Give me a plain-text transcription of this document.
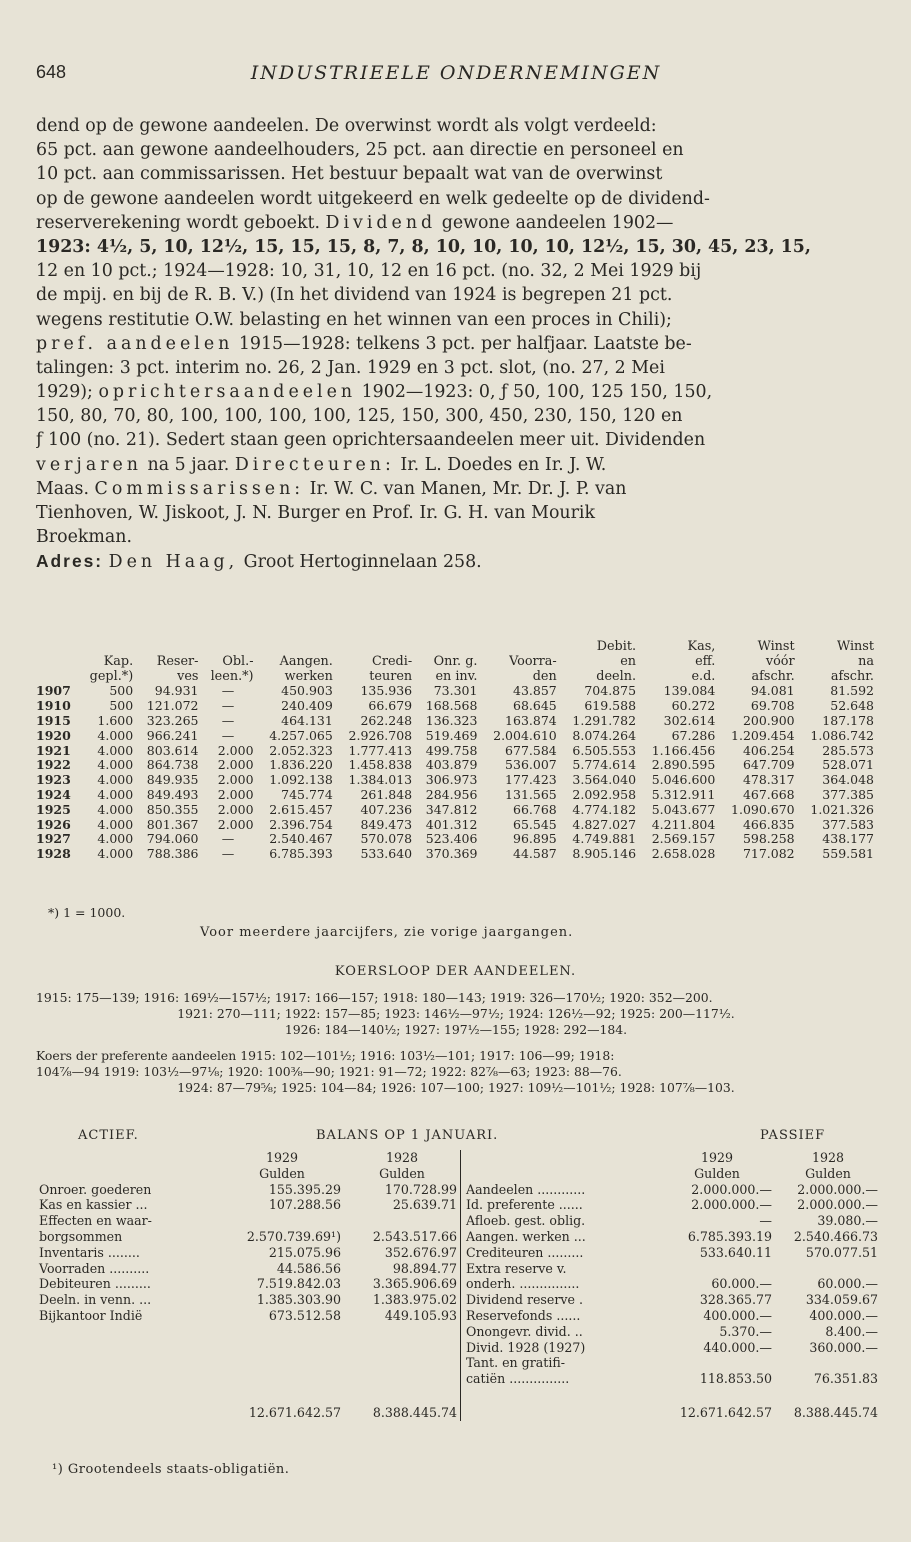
648	INDUSTRIEELE ONDERNEMINGEN
dend op de gewone aandeelen. De overwinst wordt als volgt verdeeld:
65 pct. aan gewone aandeelhouders, 25 pct. aan directie en personeel en
10 pct. aan commissarissen. Het bestuur bepaalt wat van de overwinst
op de gewone aandeelen wordt uitgekeerd en welk gedeelte op de dividend-
reserverekening wordt geboekt. Dividend gewone aandeelen 1902—
1923: 4½, 5, 10, 12½, 15, 15, 15, 8, 7, 8, 10, 10, 10, 10, 12½, 15, 30, 45, 23, 15,
12 en 10 pct.; 1924—1928: 10, 31, 10, 12 en 16 pct. (no. 32, 2 Mei 1929 bij
de mpij. en bij de R. B. V.) (In het dividend van 1924 is begrepen 21 pct.
wegens restitutie O.W. belasting en het winnen van een proces in Chili);
pref. aandeelen 1915—1928: telkens 3 pct. per halfjaar. Laatste be-
talingen: 3 pct. interim no. 26, 2 Jan. 1929 en 3 pct. slot, (no. 27, 2 Mei
1929); oprichtersaandeelen 1902—1923: 0, ƒ 50, 100, 125 150, 150,
150, 80, 70, 80, 100, 100, 100, 100, 125, 150, 300, 450, 230, 150, 120 en
ƒ 100 (no. 21). Sedert staan geen oprichtersaandeelen meer uit. Dividenden
verjaren na 5 jaar. Directeuren: Ir. L. Doedes en Ir. J. W.
Maas. Commissarissen: Ir. W. C. van Manen, Mr. Dr. J. P. van
Tienhoven, W. Jiskoot, J. N. Burger en Prof. Ir. G. H. van Mourik
Broekman.
Adres: Den Haag, Groot Hertoginnelaan 258.
								Debit.	Kas,	Winst	Winst
	Kap.	Reser-	Obl.-	Aangen.	Credi-	Onr. g.	Voorra-	en	eff.	vóór	na
	gepl.*)	ves	leen.*)	werken	teuren	en inv.	den	deeln.	e.d.	afschr.	afschr.
1907	500	94.931	—	450.903	135.936	73.301	43.857	704.875	139.084	94.081	81.592
1910	500	121.072	—	240.409	66.679	168.568	68.645	619.588	60.272	69.708	52.648
1915	1.600	323.265	—	464.131	262.248	136.323	163.874	1.291.782	302.614	200.900	187.178
1920	4.000	966.241	—	4.257.065	2.926.708	519.469	2.004.610	8.074.264	67.286	1.209.454	1.086.742
1921	4.000	803.614	2.000	2.052.323	1.777.413	499.758	677.584	6.505.553	1.166.456	406.254	285.573
1922	4.000	864.738	2.000	1.836.220	1.458.838	403.879	536.007	5.774.614	2.890.595	647.709	528.071
1923	4.000	849.935	2.000	1.092.138	1.384.013	306.973	177.423	3.564.040	5.046.600	478.317	364.048
1924	4.000	849.493	2.000	745.774	261.848	284.956	131.565	2.092.958	5.312.911	467.668	377.385
1925	4.000	850.355	2.000	2.615.457	407.236	347.812	66.768	4.774.182	5.043.677	1.090.670	1.021.326
1926	4.000	801.367	2.000	2.396.754	849.473	401.312	65.545	4.827.027	4.211.804	466.835	377.583
1927	4.000	794.060	—	2.540.467	570.078	523.406	96.895	4.749.881	2.569.157	598.258	438.177
1928	4.000	788.386	—	6.785.393	533.640	370.369	44.587	8.905.146	2.658.028	717.082	559.581
*) 1 = 1000.
Voor meerdere jaarcijfers, zie vorige jaargangen.
KOERSLOOP DER AANDEELEN.
1915: 175—139; 1916: 169½—157½; 1917: 166—157; 1918: 180—143; 1919: 326—170½; 1920: 352—200.
1921: 270—111; 1922: 157—85; 1923: 146½—97½; 1924: 126½—92; 1925: 200—117½.
1926: 184—140½; 1927: 197½—155; 1928: 292—184.
Koers der preferente aandeelen 1915: 102—101½; 1916: 103½—101; 1917: 106—99; 1918:
104⅞—94 1919: 103½—97⅛; 1920: 100⅜—90; 1921: 91—72; 1922: 82⅞—63; 1923: 88—76.
1924: 87—79⅝; 1925: 104—84; 1926: 107—100; 1927: 109½—101½; 1928: 107⅞—103.
ACTIEF.	BALANS OP 1 JANUARI.	PASSIEF
	1929	1928			1929	1928
	Gulden	Gulden			Gulden	Gulden
Onroer. goederen	155.395.29	170.728.99		Aandeelen ............	2.000.000.—	2.000.000.—
Kas en kassier ...	107.288.56	25.639.71		Id. preferente ......	2.000.000.—	2.000.000.—
Effecten en waar-				Afloeb. gest. oblig.	—	39.080.—
borgsommen	2.570.739.69¹)	2.543.517.66		Aangen. werken ...	6.785.393.19	2.540.466.73
Inventaris ........	215.075.96	352.676.97		Crediteuren .........	533.640.11	570.077.51
Voorraden ..........	44.586.56	98.894.77		Extra reserve v.		
Debiteuren .........	7.519.842.03	3.365.906.69		onderh. ...............	60.000.—	60.000.—
Deeln. in venn. ...	1.385.303.90	1.383.975.02		Dividend reserve .	328.365.77	334.059.67
Bijkantoor Indië	673.512.58	449.105.93		Reservefonds ......	400.000.—	400.000.—
				Onongevr. divid. ..	5.370.—	8.400.—
				Divid. 1928 (1927)	440.000.—	360.000.—
				Tant. en gratifi-		
				catiën ...............	118.853.50	76.351.83

	12.671.642.57	8.388.445.74			12.671.642.57	8.388.445.74
¹) Grootendeels staats-obligatiën.
